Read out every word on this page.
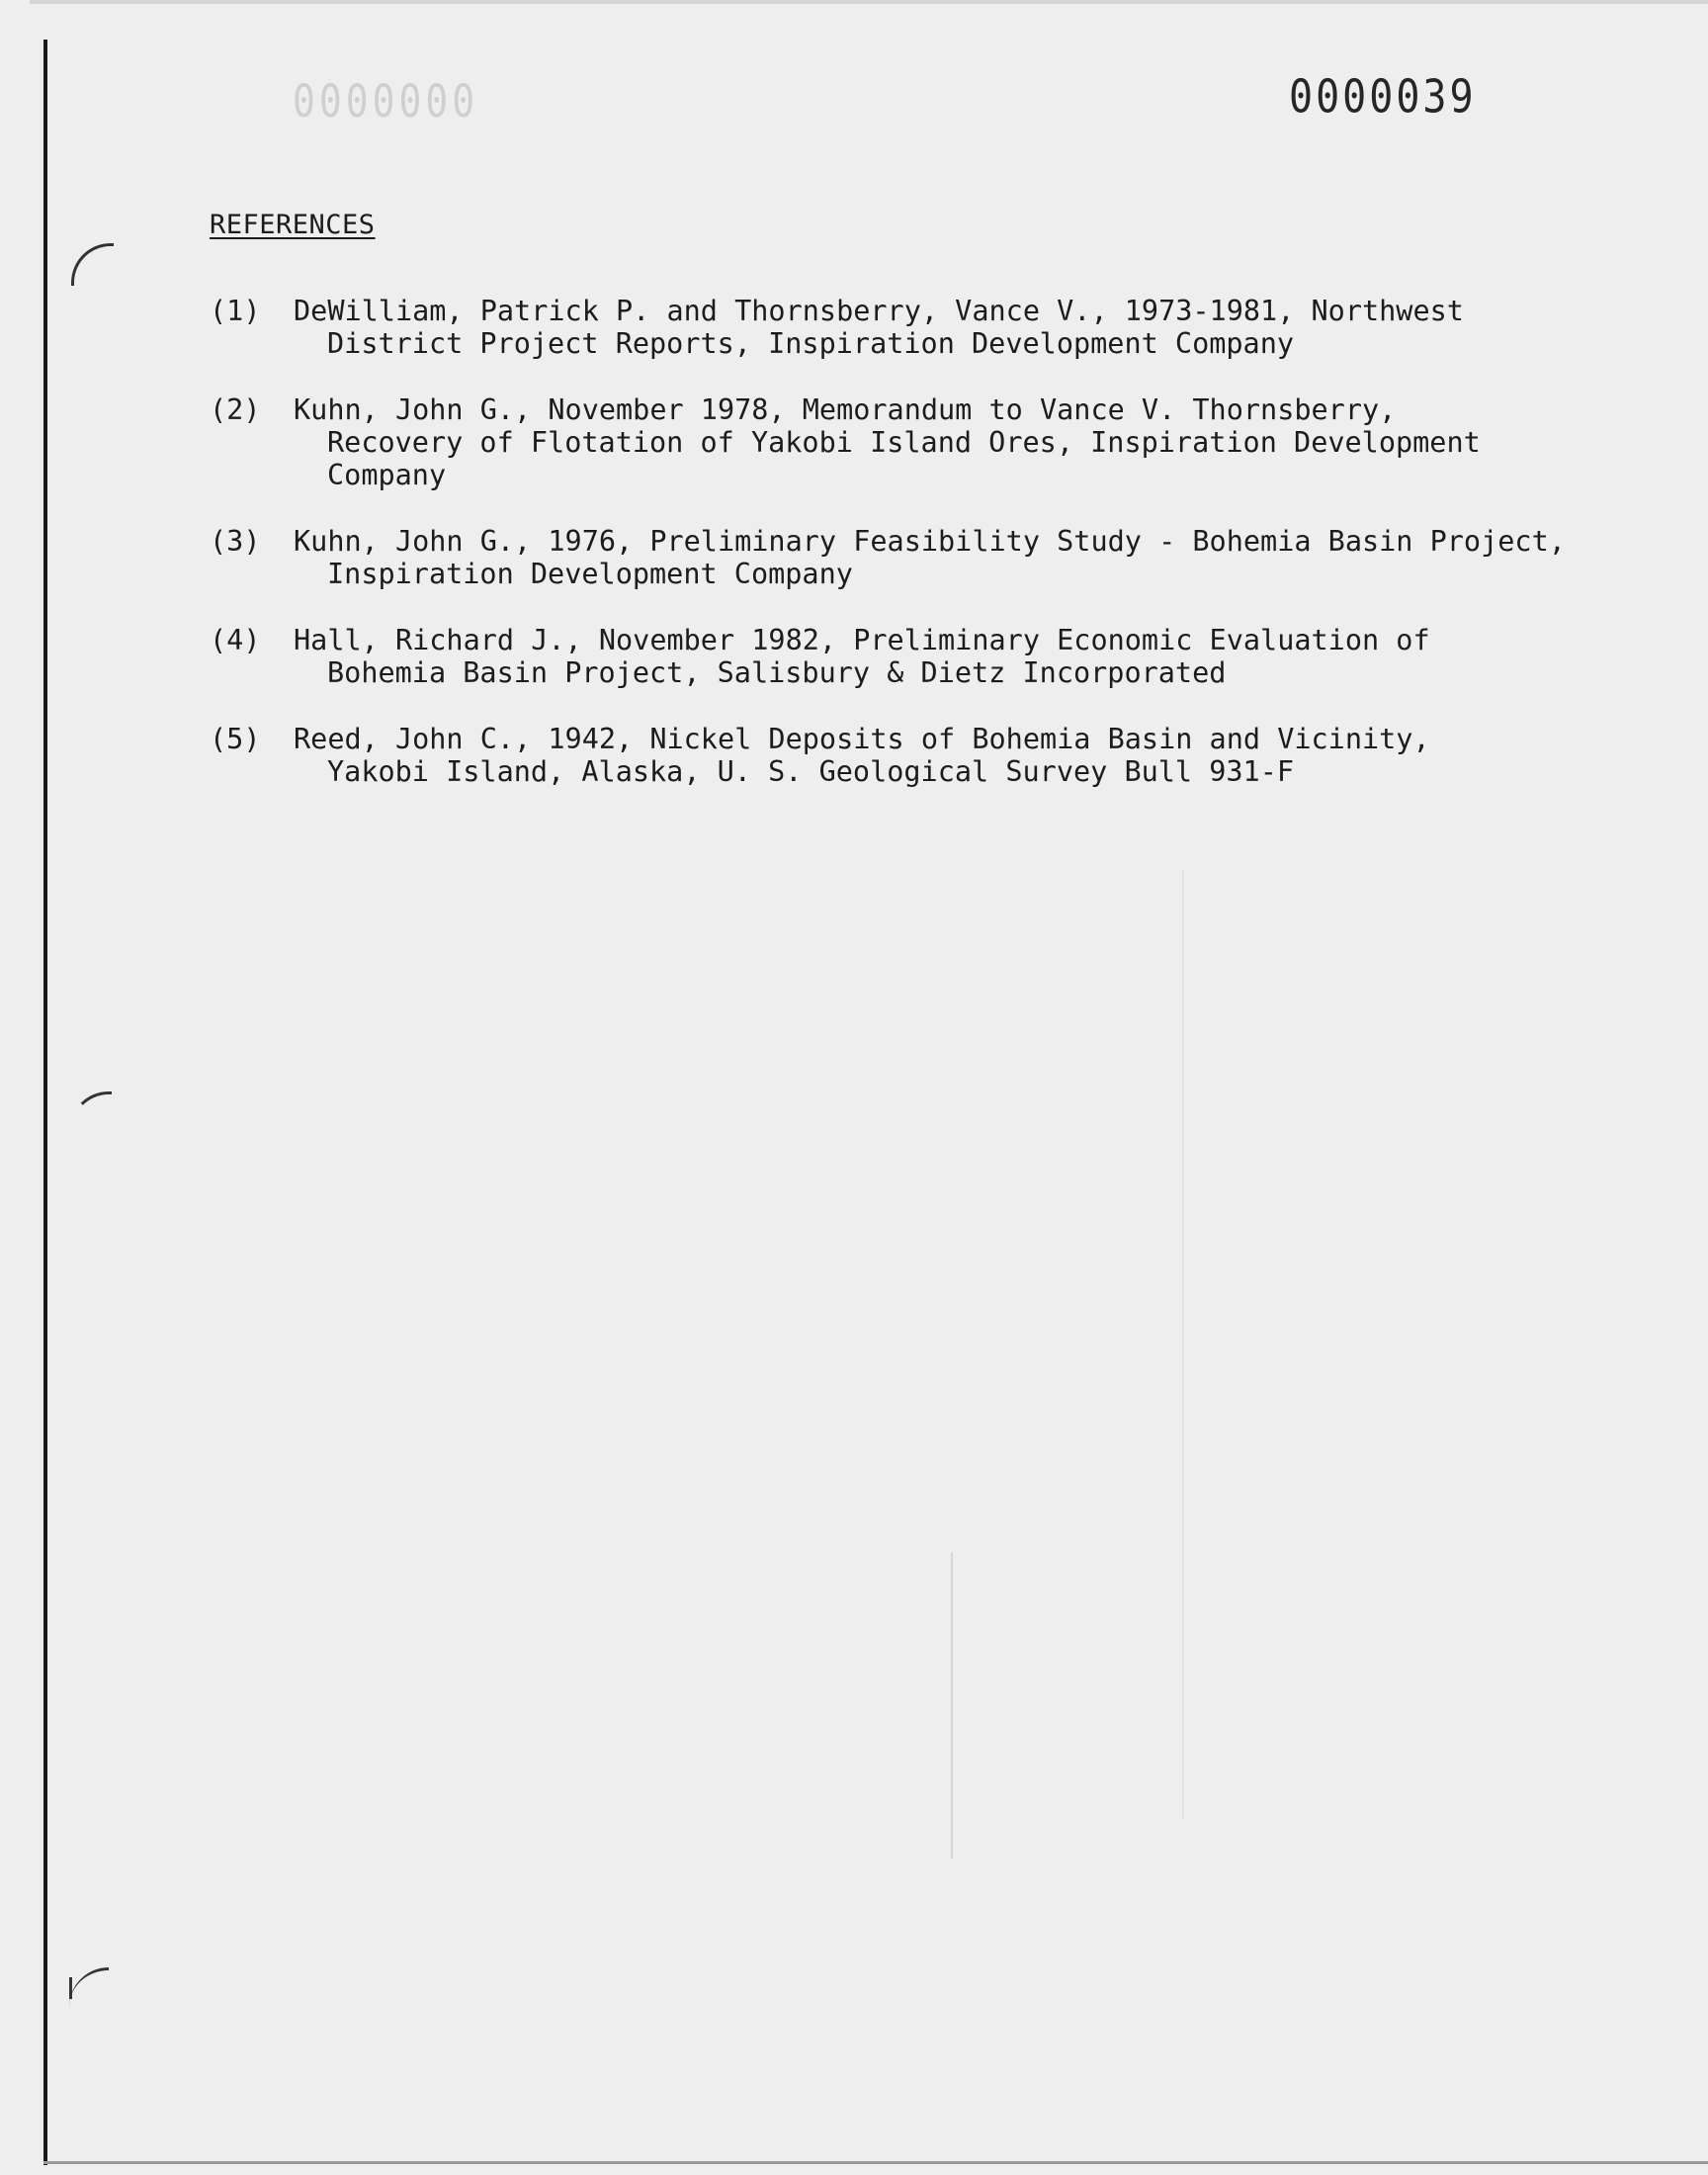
0000000	0000039
REFERENCES
(1) DeWilliam, Patrick P. and Thornsberry, Vance V., 1973-1981, Northwest
District Project Reports, Inspiration Development Company
(2) Kuhn, John G., November 1978, Memorandum to Vance V. Thornsberry,
Recovery of Flotation of Yakobi Island Ores, Inspiration Development
Company
(3) Kuhn, John G., 1976, Preliminary Feasibility Study - Bohemia Basin Project,
Inspiration Development Company
(4) Hall, Richard J., November 1982, Preliminary Economic Evaluation of
Bohemia Basin Project, Salisbury & Dietz Incorporated
(5) Reed, John C., 1942, Nickel Deposits of Bohemia Basin and Vicinity,
Yakobi Island, Alaska, U. S. Geological Survey Bull 931-F
